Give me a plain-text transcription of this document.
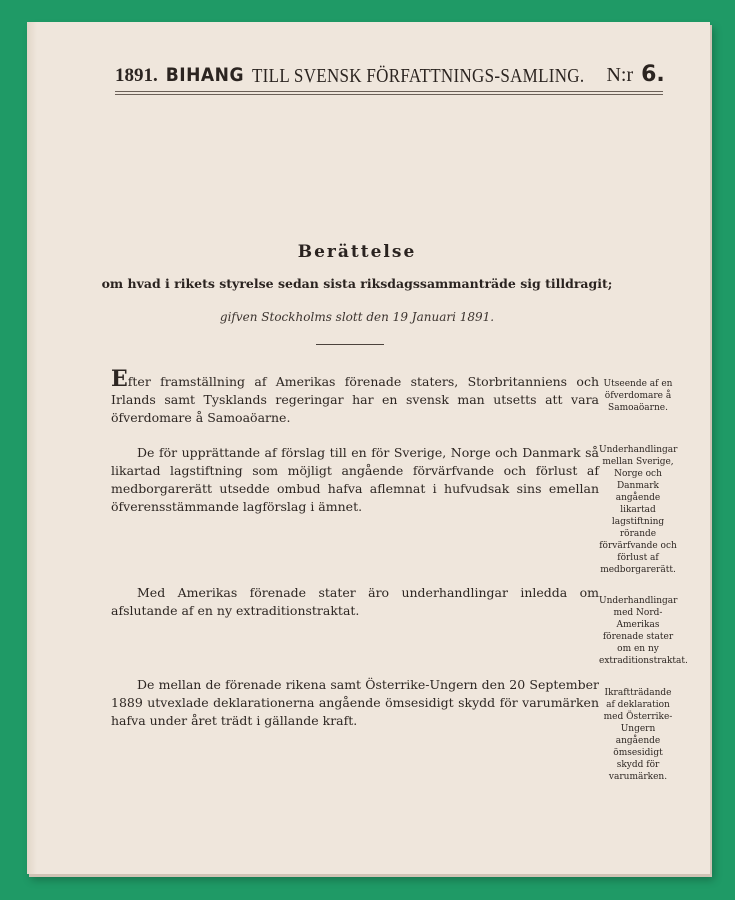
1891. BIHANG TILL SVENSK FÖRFATTNINGS-SAMLING. N:r 6.
Berättelse
om hvad i rikets styrelse sedan sista riksdagssammanträde sig tilldragit;
gifven Stockholms slott den 19 Januari 1891.
Efter framställning af Amerikas förenade staters, Storbritanniens och Irlands samt Tysklands regeringar har en svensk man utsetts att vara öfverdomare å Samoaöarne.
Utseende af en öfverdomare å Samoaöarne.
De för upprättande af förslag till en för Sverige, Norge och Danmark så likartad lagstiftning som möjligt angående förvärfvande och förlust af medborgarerätt utsedde ombud hafva aflemnat i hufvudsak sins emellan öfverensstämmande lagförslag i ämnet.
Underhandlingar mellan Sverige, Norge och Danmark angående likartad lagstiftning rörande förvärfvande och förlust af medborgarerätt.
Med Amerikas förenade stater äro underhandlingar inledda om afslutande af en ny extraditionstraktat.
Underhandlingar med Nord-Amerikas förenade stater om en ny extraditionstraktat.
De mellan de förenade rikena samt Österrike-Ungern den 20 September 1889 utvexlade deklarationerna angående ömsesidigt skydd för varumärken hafva under året trädt i gällande kraft.
Ikraftträdande af deklaration med Österrike-Ungern angående ömsesidigt skydd för varumärken.
